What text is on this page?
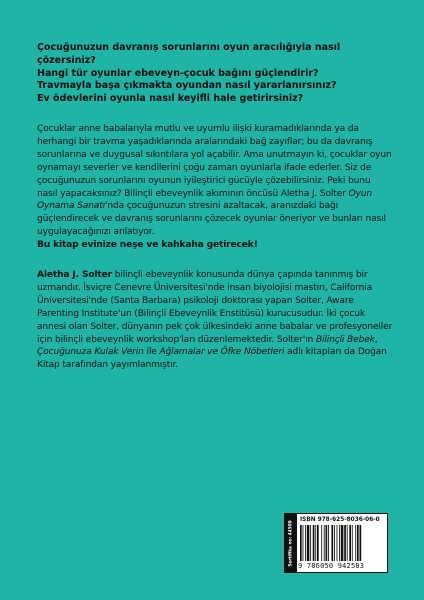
Çocuğunuzun davranış sorunlarını oyun aracılığıyla nasıl çözersiniz?

Hangi tür oyunlar ebeveyn-çocuk bağını güçlendirir?

Travmayla başa çıkmakta oyundan nasıl yararlanırsınız?

Ev ödevlerini oyunla nasıl keyifli hale getirirsiniz?

Çocuklar anne babalarıyla mutlu ve uyumlu ilişki kuramadıklarında ya da herhangi bir travma yaşadıklarında aralarındaki bağ zayıflar; bu da davranış sorunlarına ve duygusal sıkıntılara yol açabilir. Ama unutmayın ki, çocuklar oyun oynamayı severler ve kendilerini çoğu zaman oyunlarla ifade ederler. Siz de çocuğunuzun sorunlarını oyunun iyileştirici gücüyle çözebilirsiniz. Peki bunu nasıl yapacaksınız? Bilinçli ebeveynlik akımının öncüsü Aletha J. Solter Oyun Oynama Sanatı'nda çocuğunuzun stresini azaltacak, aranızdaki bağı güçlendirecek ve davranış sorunlarını çözecek oyunlar öneriyor ve bunları nasıl uygulayacağınızı anlatıyor.

Bu kitap evinize neşe ve kahkaha getirecek!

Aletha J. Solter bilinçli ebeveynlik konusunda dünya çapında tanınmış bir uzmandır. İsviçre Cenevre Üniversitesi'nde insan biyolojisi mastırı, California Üniversitesi'nde (Santa Barbara) psikoloji doktorası yapan Solter, Aware Parenting Institute'un (Bilinçli Ebeveynlik Enstitüsü) kurucusudur. İki çocuk annesi olan Solter, dünyanın pek çok ülkesindeki anne babalar ve profesyoneller için bilinçli ebeveynlik workshop'ları düzenlemektedir. Solter'ın Bilinçli Bebek, Çocuğunuza Kulak Verin ile Ağlamalar ve Öfke Nöbetleri adlı kitapları da Doğan Kitap tarafından yayımlanmıştır.

Sertifika no: 44509 ISBN 978-625-8036-06-0
9 786050 942583
